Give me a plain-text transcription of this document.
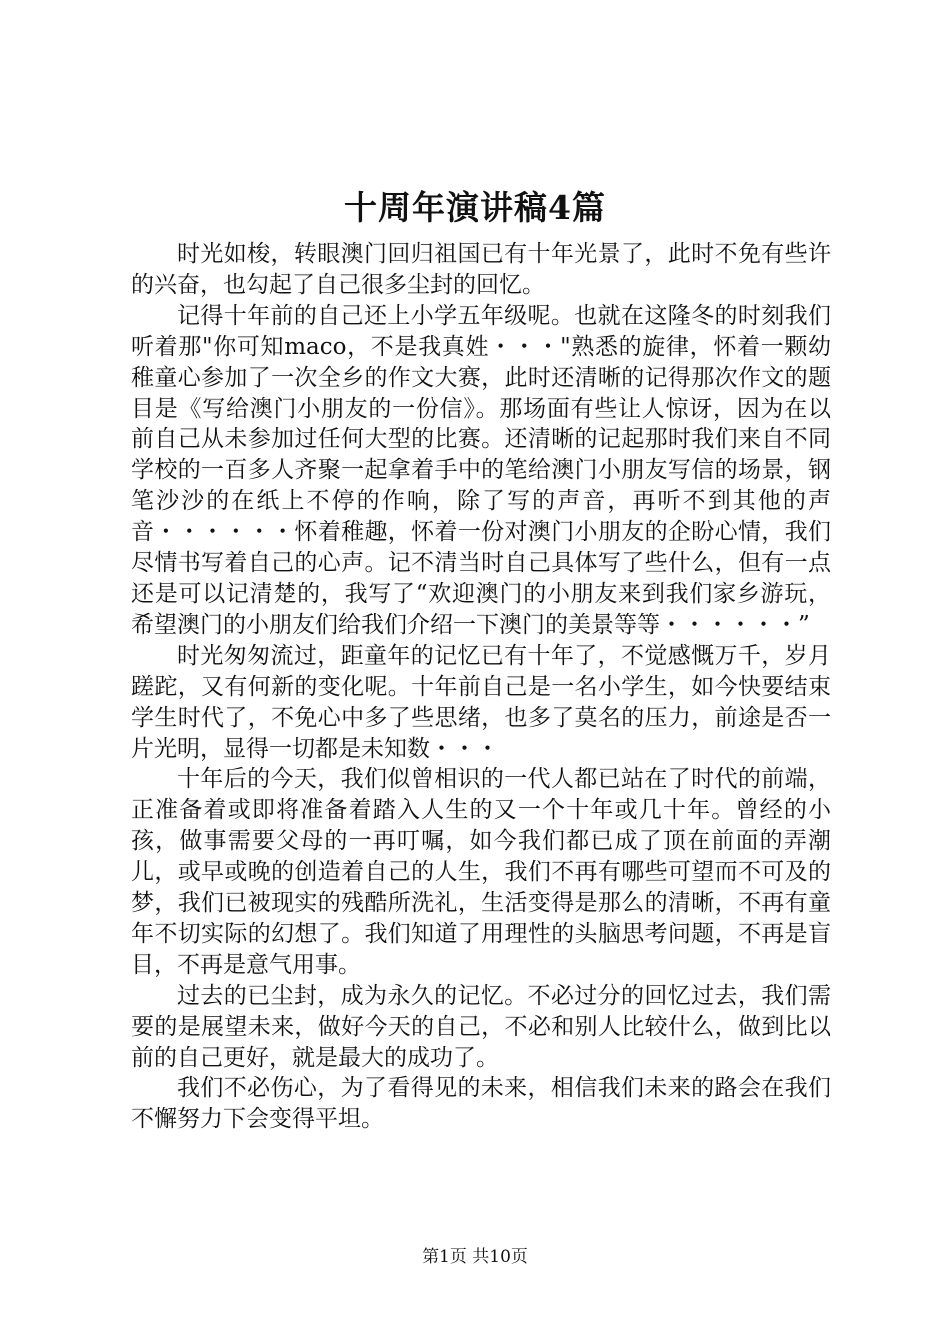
十周年演讲稿4篇

时光如梭，转眼澳门回归祖国已有十年光景了，此时不免有些许的兴奋，也勾起了自己很多尘封的回忆。

记得十年前的自己还上小学五年级呢。也就在这隆冬的时刻我们听着那"你可知maco，不是我真姓・・・"熟悉的旋律，怀着一颗幼稚童心参加了一次全乡的作文大赛，此时还清晰的记得那次作文的题目是《写给澳门小朋友的一份信》。那场面有些让人惊讶，因为在以前自己从未参加过任何大型的比赛。还清晰的记起那时我们来自不同学校的一百多人齐聚一起拿着手中的笔给澳门小朋友写信的场景，钢笔沙沙的在纸上不停的作响，除了写的声音，再听不到其他的声音・・・・・・怀着稚趣，怀着一份对澳门小朋友的企盼心情，我们尽情书写着自己的心声。记不清当时自己具体写了些什么，但有一点还是可以记清楚的，我写了“欢迎澳门的小朋友来到我们家乡游玩，希望澳门的小朋友们给我们介绍一下澳门的美景等等・・・・・・”

时光匆匆流过，距童年的记忆已有十年了，不觉感慨万千，岁月蹉跎，又有何新的变化呢。十年前自己是一名小学生，如今快要结束学生时代了，不免心中多了些思绪，也多了莫名的压力，前途是否一片光明，显得一切都是未知数・・・

十年后的今天，我们似曾相识的一代人都已站在了时代的前端，正准备着或即将准备着踏入人生的又一个十年或几十年。曾经的小孩，做事需要父母的一再叮嘱，如今我们都已成了顶在前面的弄潮儿，或早或晚的创造着自己的人生，我们不再有哪些可望而不可及的梦，我们已被现实的残酷所洗礼，生活变得是那么的清晰，不再有童年不切实际的幻想了。我们知道了用理性的头脑思考问题，不再是盲目，不再是意气用事。

过去的已尘封，成为永久的记忆。不必过分的回忆过去，我们需要的是展望未来，做好今天的自己，不必和别人比较什么，做到比以前的自己更好，就是最大的成功了。

我们不必伤心，为了看得见的未来，相信我们未来的路会在我们不懈努力下会变得平坦。

第1页 共10页
